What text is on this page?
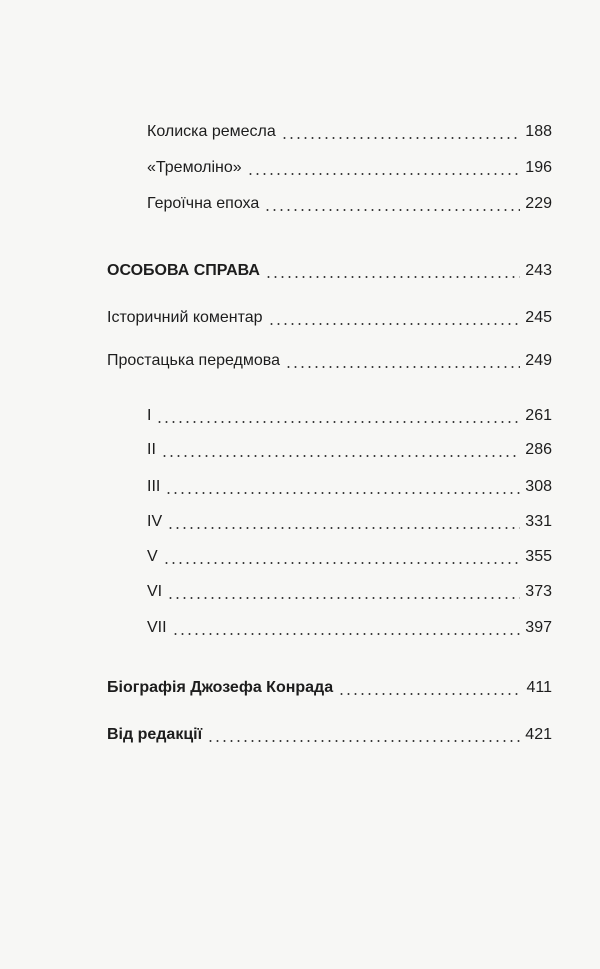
Колиска ремесла	188
«Тремоліно»	196
Героїчна епоха	229
ОСОБОВА СПРАВА	243
Історичний коментар	245
Простацька передмова	249
I	261
II	286
III	308
IV	331
V	355
VI	373
VII	397
Біографія Джозефа Конрада	411
Від редакції	421
